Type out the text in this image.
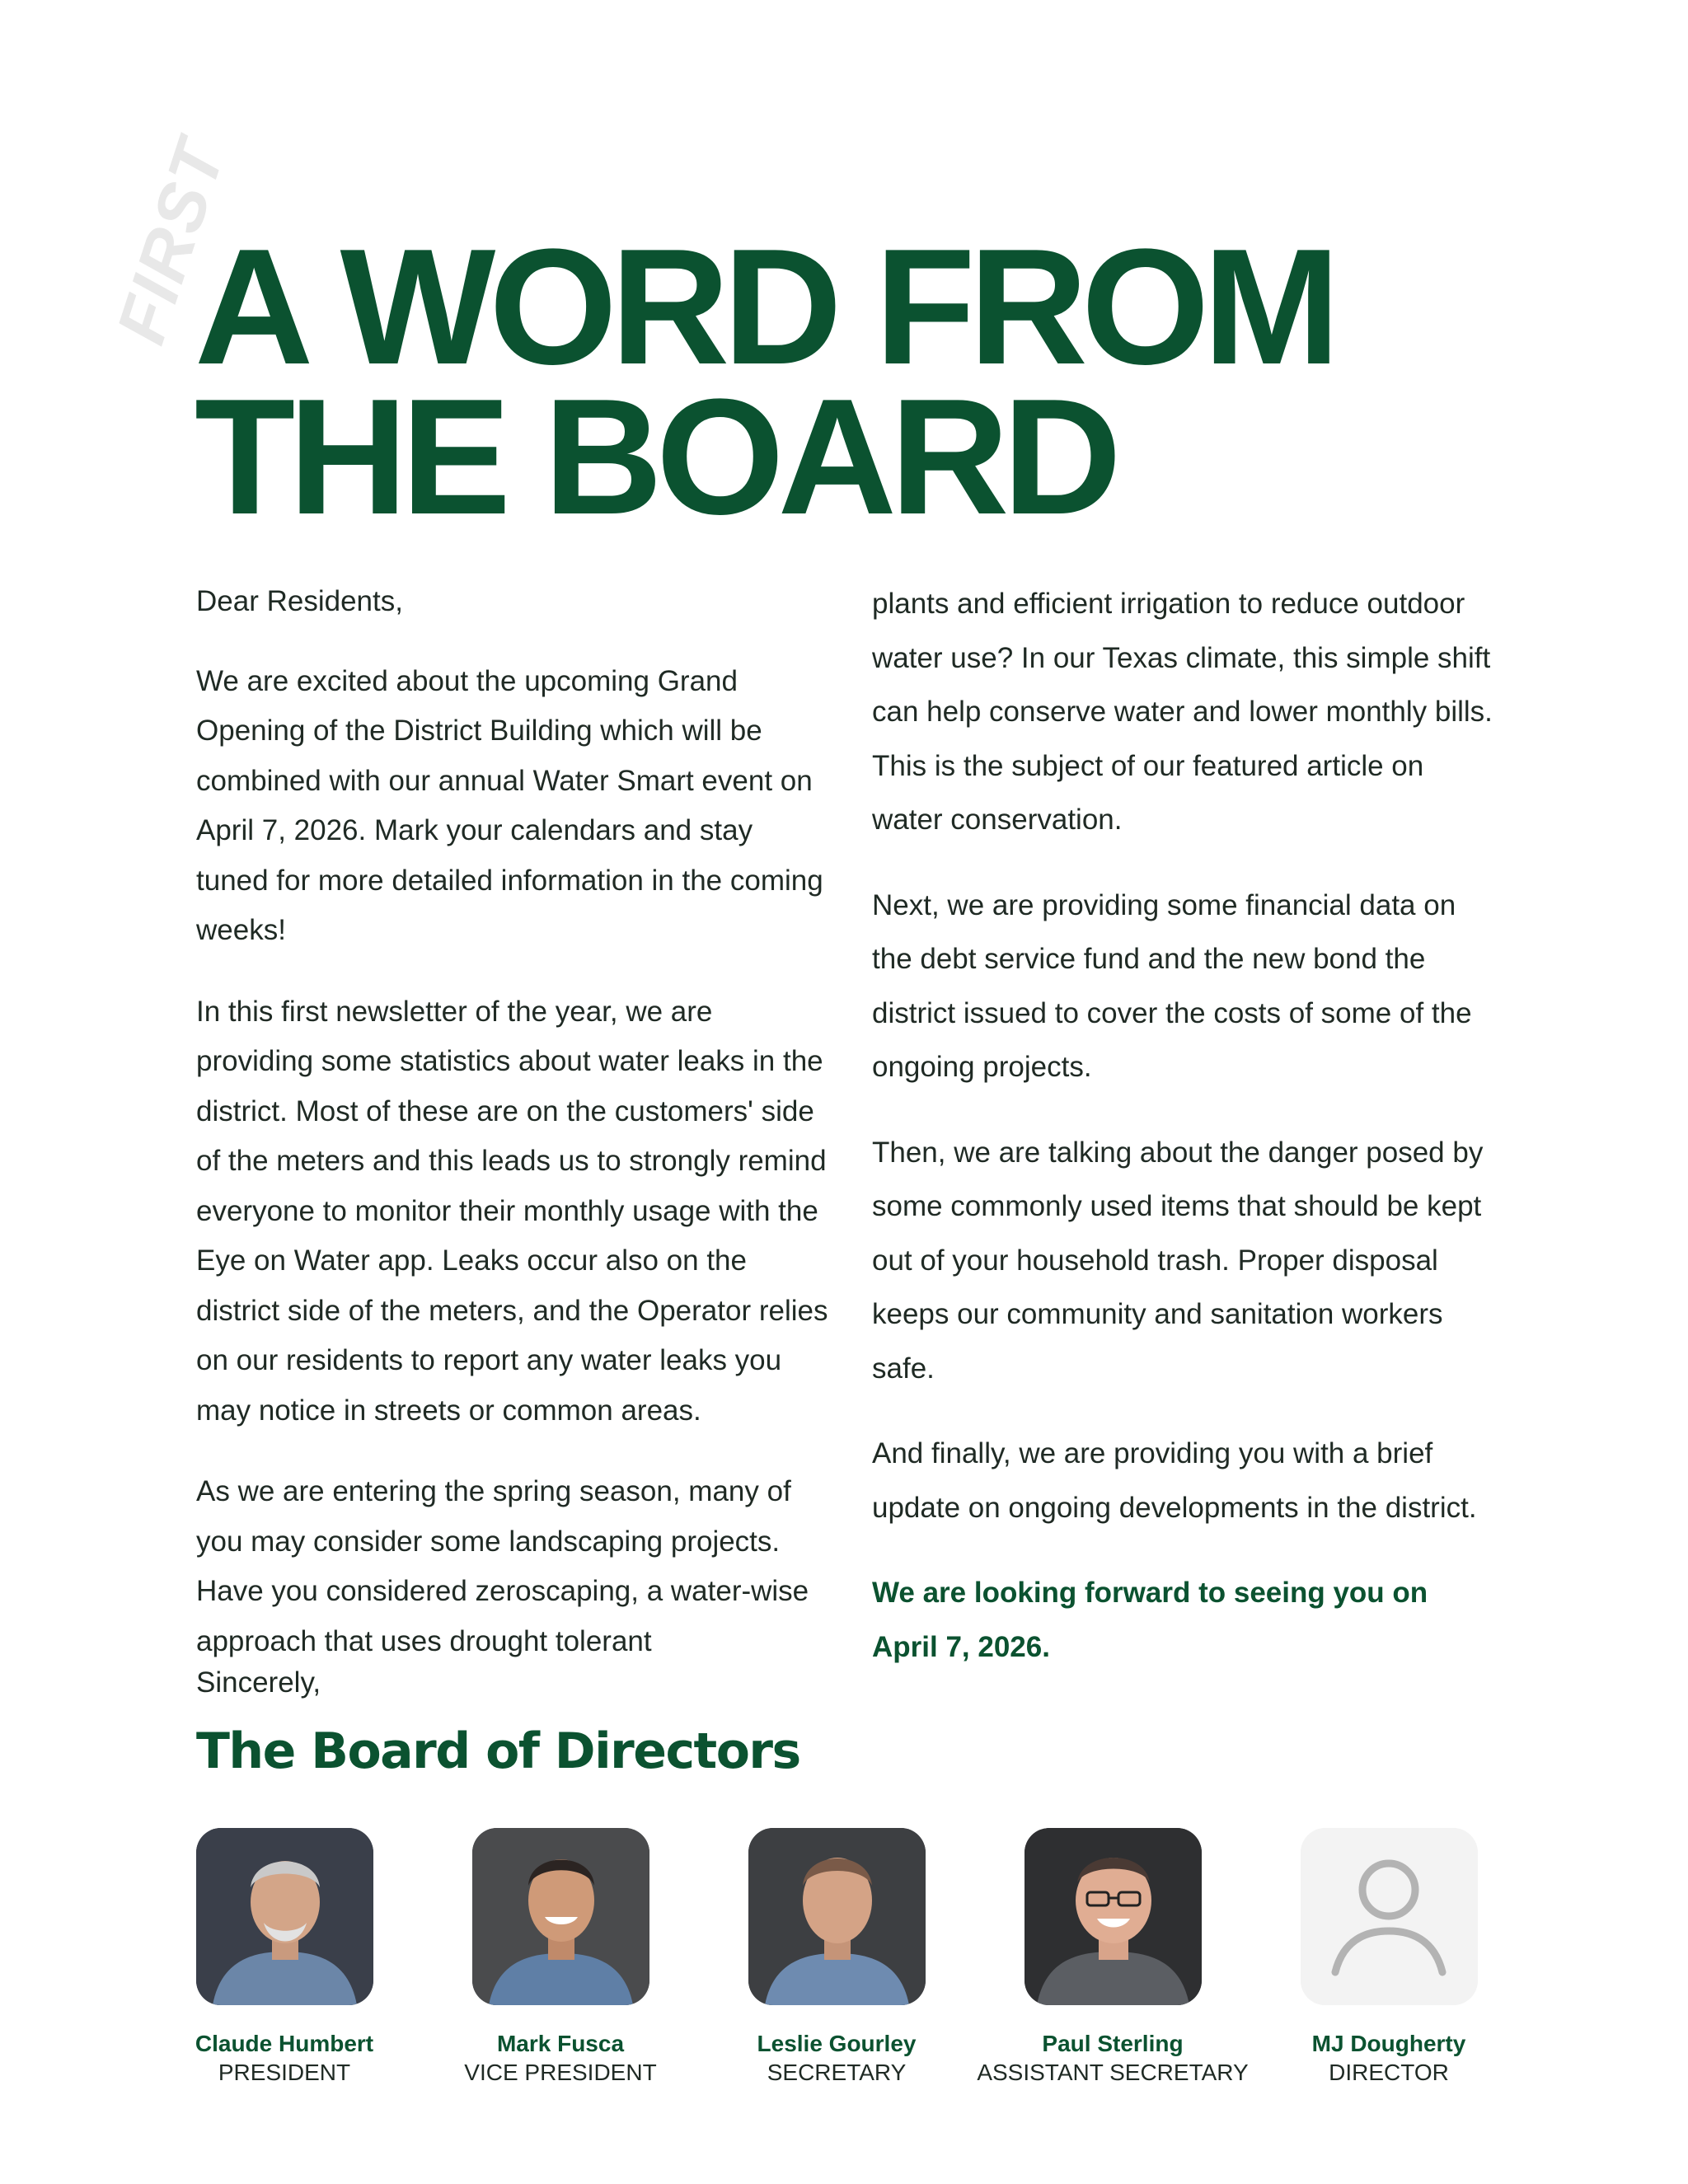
FIRST
A WORD FROM
THE BOARD

Dear Residents,

We are excited about the upcoming Grand Opening of the District Building which will be combined with our annual Water Smart event on April 7, 2026. Mark your calendars and stay tuned for more detailed information in the coming weeks!

In this first newsletter of the year, we are providing some statistics about water leaks in the district. Most of these are on the customers' side of the meters and this leads us to strongly remind everyone to monitor their monthly usage with the Eye on Water app. Leaks occur also on the district side of the meters, and the Operator relies on our residents to report any water leaks you may notice in streets or common areas.

As we are entering the spring season, many of you may consider some landscaping projects. Have you considered zeroscaping, a water-wise approach that uses drought tolerant

plants and efficient irrigation to reduce outdoor water use? In our Texas climate, this simple shift can help conserve water and lower monthly bills. This is the subject of our featured article on water conservation.

Next, we are providing some financial data on the debt service fund and the new bond the district issued to cover the costs of some of the ongoing projects.

Then, we are talking about the danger posed by some commonly used items that should be kept out of your household trash. Proper disposal keeps our community and sanitation workers safe.

And finally, we are providing you with a brief update on ongoing developments in the district.

We are looking forward to seeing you on April 7, 2026.

Sincerely,

The Board of Directors
Claude Humbert
PRESIDENT
Mark Fusca
VICE PRESIDENT
Leslie Gourley
SECRETARY
Paul Sterling
ASSISTANT SECRETARY
MJ Dougherty
DIRECTOR
